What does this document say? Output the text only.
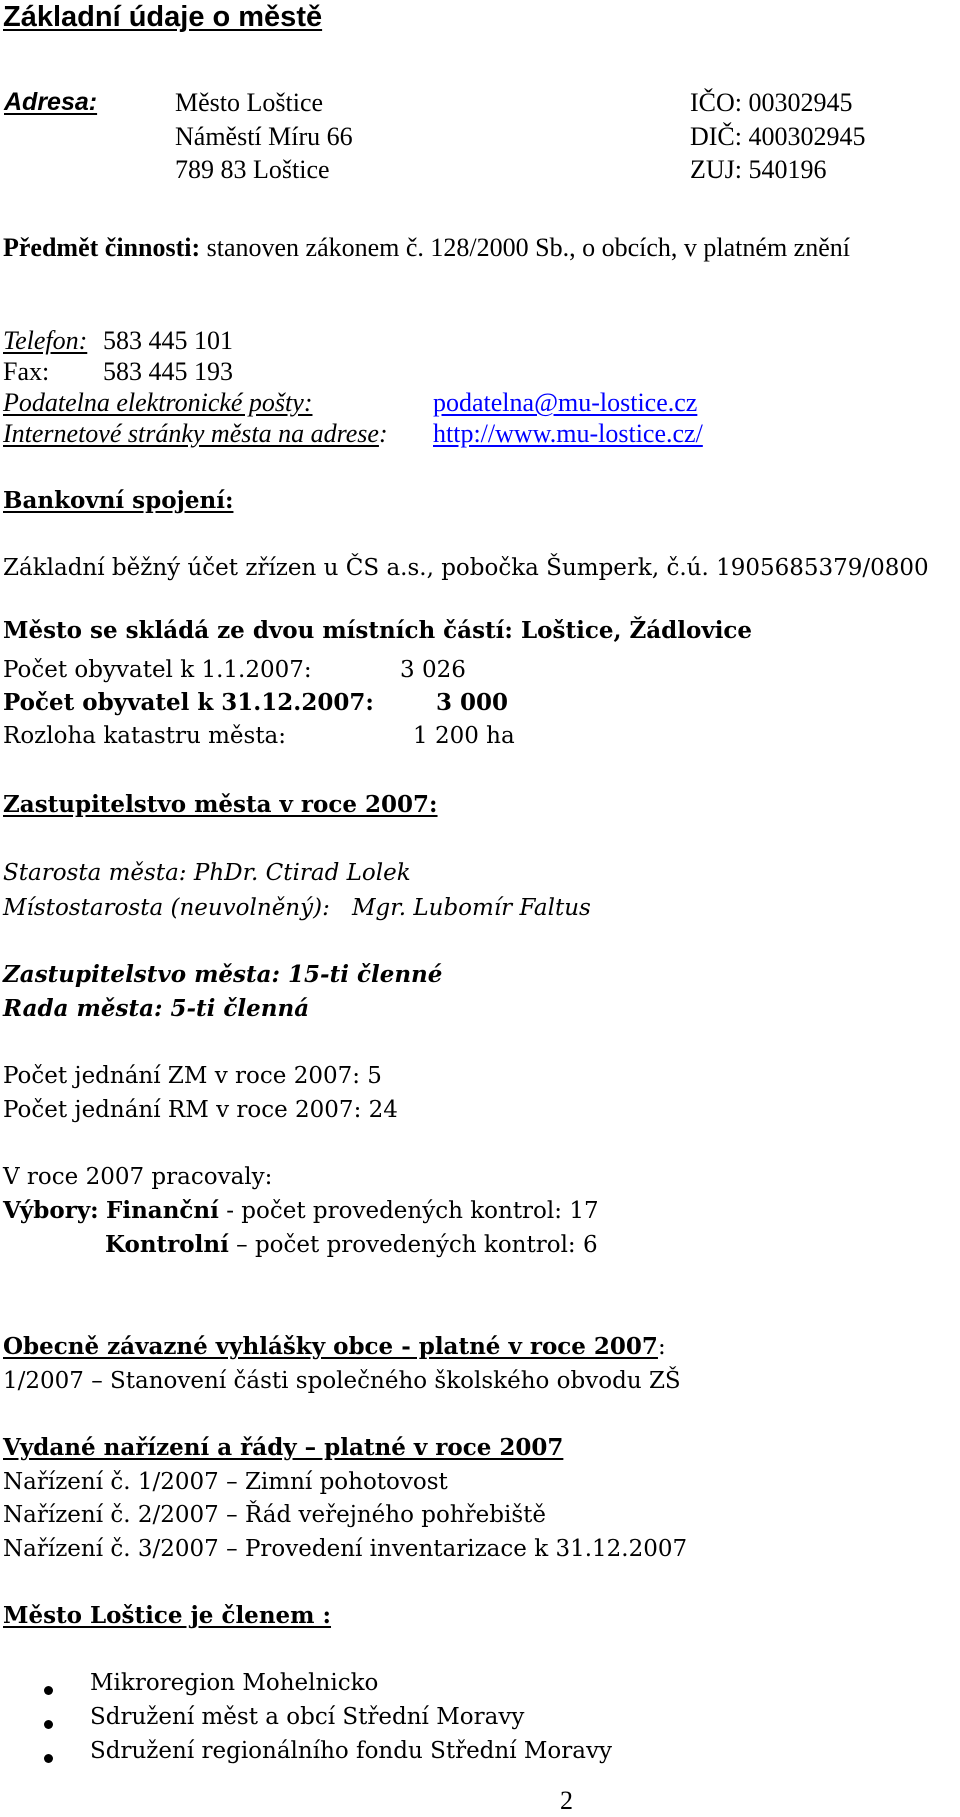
Základní údaje o městě
Adresa:	Město Loštice
Náměstí Míru 66
789 83 Loštice
IČO: 00302945
DIČ: 400302945
ZUJ: 540196
Předmět činnosti: stanoven zákonem č. 128/2000 Sb., o obcích, v platném znění
Telefon: 583 445 101
Fax: 583 445 193
Podatelna elektronické pošty:	podatelna@mu-lostice.cz
Internetové stránky města na adrese: http://www.mu-lostice.cz/
Bankovní spojení:
Základní běžný účet zřízen u ČS a.s., pobočka Šumperk, č.ú. 1905685379/0800
Město se skládá ze dvou místních částí: Loštice, Žádlovice
Počet obyvatel k 1.1.2007:	3 026
Počet obyvatel k 31.12.2007:	3 000
Rozloha katastru města:	1 200 ha
Zastupitelstvo města v roce 2007:
Starosta města: PhDr. Ctirad Lolek
Místostarosta (neuvolněný): Mgr. Lubomír Faltus
Zastupitelstvo města: 15-ti členné
Rada města: 5-ti členná
Počet jednání ZM v roce 2007: 5
Počet jednání RM v roce 2007: 24
V roce 2007 pracovaly:
Výbory: Finanční - počet provedených kontrol: 17
Kontrolní – počet provedených kontrol: 6
Obecně závazné vyhlášky obce - platné v roce 2007:
1/2007 – Stanovení části společného školského obvodu ZŠ
Vydané nařízení a řády – platné v roce 2007
Nařízení č. 1/2007 – Zimní pohotovost
Nařízení č. 2/2007 – Řád veřejného pohřebiště
Nařízení č. 3/2007 – Provedení inventarizace k 31.12.2007
Město Loštice je členem :
Mikroregion Mohelnicko
Sdružení měst a obcí Střední Moravy
Sdružení regionálního fondu Střední Moravy
2
